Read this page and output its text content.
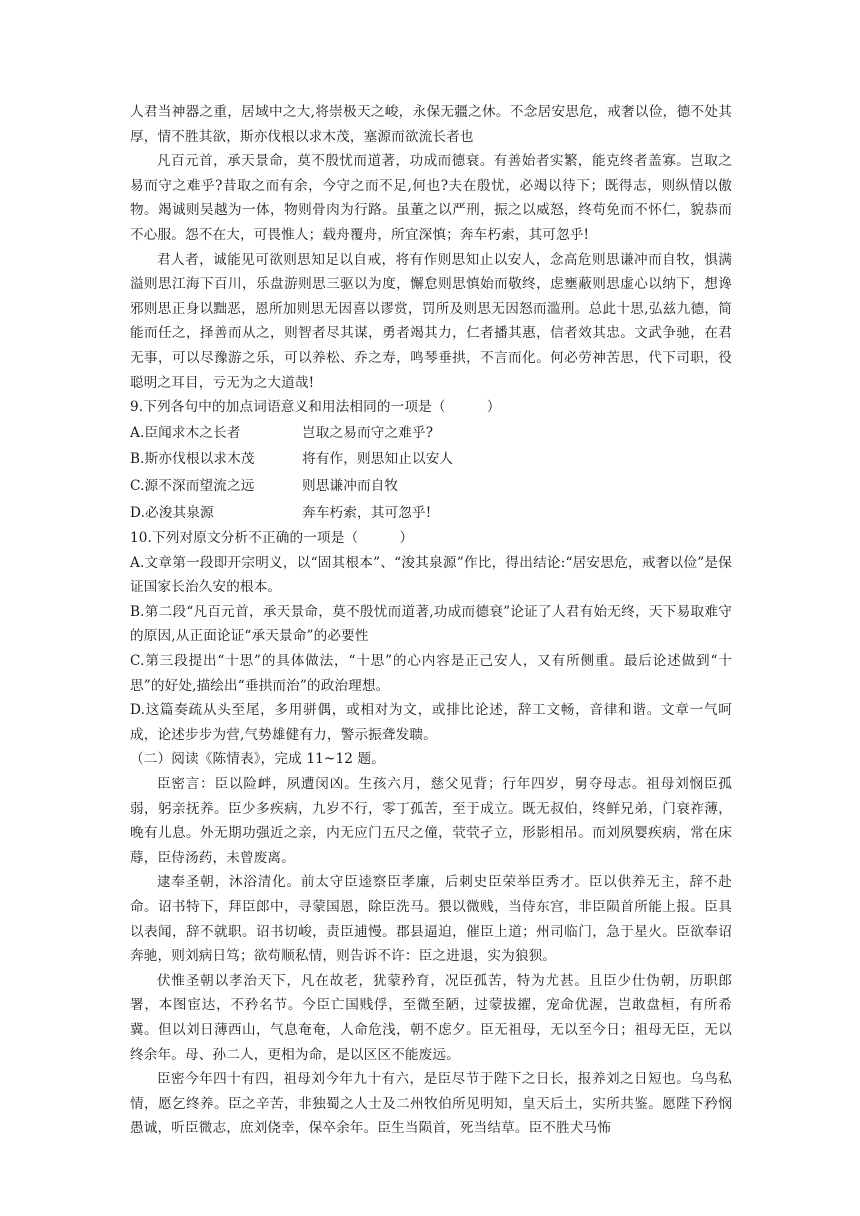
人君当神器之重，居域中之大,将崇极天之峻，永保无疆之休。不念居安思危，戒奢以俭，德不处其厚，情不胜其欲，斯亦伐根以求木茂，塞源而欲流长者也

凡百元首，承天景命，莫不殷忧而道著，功成而德衰。有善始者实繁，能克终者盖寡。岂取之易而守之难乎?昔取之而有余，今守之而不足,何也?夫在殷忧，必竭以待下；既得志，则纵情以傲物。竭诚则吴越为一体，物则骨肉为行路。虽董之以严刑，振之以威怒，终苟免而不怀仁，貌恭而不心服。怨不在大，可畏惟人；载舟覆舟，所宜深慎；奔车朽索，其可忽乎!

君人者，诚能见可欲则思知足以自戒，将有作则思知止以安人，念高危则思谦冲而自牧，惧满溢则思江海下百川，乐盘游则思三驱以为度，懈怠则思慎始而敬终，虑壅蔽则思虚心以纳下，想谗邪则思正身以黜恶，恩所加则思无因喜以谬赏，罚所及则思无因怒而滥刑。总此十思,弘兹九德，简能而任之，择善而从之，则智者尽其谋，勇者竭其力，仁者播其惠，信者效其忠。文武争驰，在君无事，可以尽豫游之乐，可以养松、乔之寿，鸣琴垂拱，不言而化。何必劳神苦思，代下司职，役聪明之耳目，亏无为之大道哉!

9.下列各句中的加点词语意义和用法相同的一项是（　　　）

A.臣闻求木之长者	岂取之易而守之难乎?
B.斯亦伐根以求木茂	将有作，则思知止以安人
C.源不深而望流之远	则思谦冲而自牧
D.必浚其泉源	奔车朽索，其可忽乎!

10.下列对原文分析不正确的一项是（　　　）

A.文章第一段即开宗明义，以“固其根本”、“浚其泉源”作比，得出结论:“居安思危，戒奢以俭”是保证国家长治久安的根本。

B.第二段“凡百元首，承天景命，莫不殷忧而道著,功成而德衰”论证了人君有始无终，天下易取难守的原因,从正面论证“承天景命”的必要性

C.第三段提出“十思”的具体做法，“十思”的心内容是正己安人，又有所侧重。最后论述做到“十思”的好处,描绘出“垂拱而治”的政治理想。

D.这篇奏疏从头至尾，多用骈偶，或相对为文，或排比论述，辞工文畅，音律和谐。文章一气呵成，论述步步为营,气势雄健有力，警示振聋发聩。

（二）阅读《陈情表》，完成 11~12 题。

臣密言：臣以险衅，夙遭闵凶。生孩六月，慈父见背；行年四岁，舅夺母志。祖母刘悯臣孤弱，躬亲抚养。臣少多疾病，九岁不行，零丁孤苦，至于成立。既无叔伯，终鲜兄弟，门衰祚薄，晚有儿息。外无期功强近之亲，内无应门五尺之僮，茕茕孑立，形影相吊。而刘夙婴疾病，常在床蓐，臣侍汤药，未曾废离。

逮奉圣朝，沐浴清化。前太守臣逵察臣孝廉，后刺史臣荣举臣秀才。臣以供养无主，辞不赴命。诏书特下，拜臣郎中，寻蒙国恩，除臣洗马。猥以微贱，当侍东宫，非臣陨首所能上报。臣具以表闻，辞不就职。诏书切峻，责臣逋慢。郡县逼迫，催臣上道；州司临门，急于星火。臣欲奉诏奔驰，则刘病日笃；欲苟顺私情，则告诉不许：臣之进退，实为狼狈。

伏惟圣朝以孝治天下，凡在故老，犹蒙矜育，况臣孤苦，特为尤甚。且臣少仕伪朝，历职郎署，本图宦达，不矜名节。今臣亡国贱俘，至微至陋，过蒙拔擢，宠命优渥，岂敢盘桓，有所希冀。但以刘日薄西山，气息奄奄，人命危浅，朝不虑夕。臣无祖母，无以至今日；祖母无臣，无以终余年。母、孙二人，更相为命，是以区区不能废远。

臣密今年四十有四，祖母刘今年九十有六，是臣尽节于陛下之日长，报养刘之日短也。乌鸟私情，愿乞终养。臣之辛苦，非独蜀之人士及二州牧伯所见明知，皇天后土，实所共鉴。愿陛下矜悯愚诚，听臣微志，庶刘侥幸，保卒余年。臣生当陨首，死当结草。臣不胜犬马怖
